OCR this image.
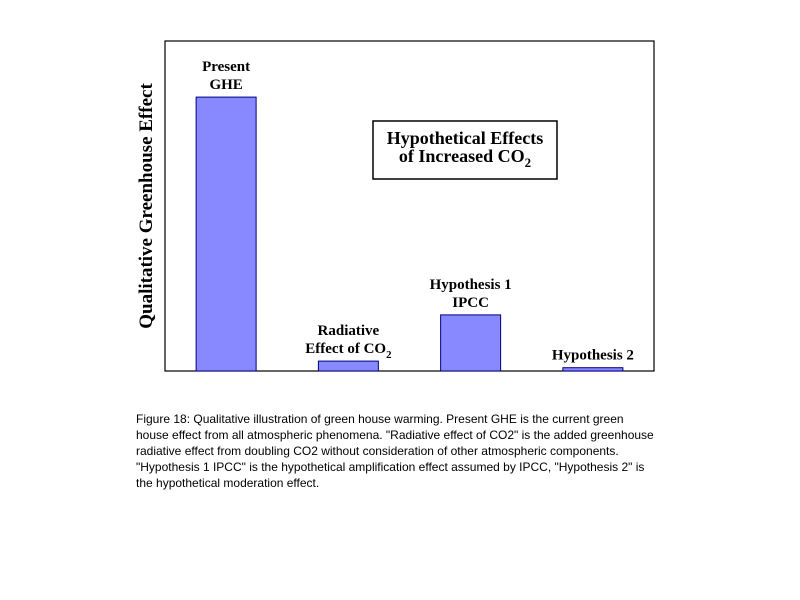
Present GHE
Radiative Effect of $CO_2$
Hypothesis 1 IPCC
Hypothesis 2
Hypothetical Effects of Increased $CO_2$
Qualitative Greenhouse Effect
Figure 18: Qualitative illustration of green house warming. Present GHE is the current green house effect from all atmospheric phenomena. "Radiative effect of CO2" is the added greenhouse radiative effect from doubling CO2 without consideration of other atmospheric components. "Hypothesis 1 IPCC" is the hypothetical amplification effect assumed by IPCC, "Hypothesis 2" is the hypothetical moderation effect.
